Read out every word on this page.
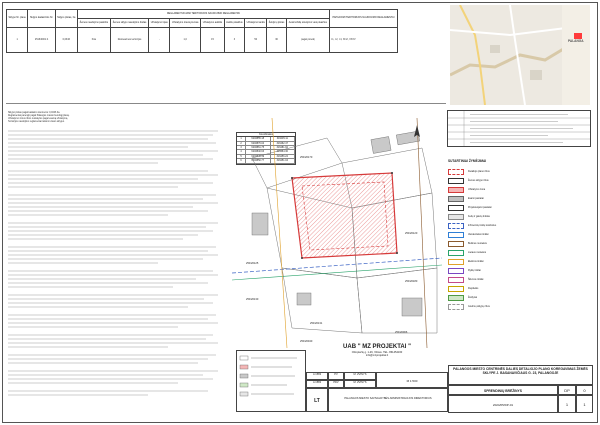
Sklypo Nr. plane	Sklypo kadastrinis Nr.	Sklypo plotas, ha	REGLAMENTUOJAMI TERITORIJOS NAUDOJIMO REGLAMENTAI									PAPILDOMI TERITORIJOS NAUDOJIMO REGLAMENTAI
			Žemės naudojimo paskirtis	Žemės sklypo naudojimo būdas	Užstatymo tipas	Užstatymo intensyvumas	Užstatymo aukštis	Aukštų skaičius	Užstatymo tankis	Želdynų plotas	Automobilių stovėjimo vietų skaičius	
1	2516/0001:4	0,0346	Kita	Rekreacinės teritorijos	-	1,0	15	3	50	30	pagal poreikį	I.1, I.2, I.4, XLVI, XXXV	PALANGA
Sklypo plotas pagal kadastro duomenis: 0,0346 ha.
Reglamentai parengti pagal Palangos miesto bendrąjį planą.
Užstatymo zonos ribos nustatytos pagal esamą užstatymą.
Teritorijos naudojimo reglamentai taikomi visam sklypui.
Koordinatės
1	6203855.18	316245.11
2	6203876.04	316262.47
3	6203861.75	316281.92
4	6203840.63	316264.30
5	6203845.19	316256.22
6	6203850.77	316251.04
2501/0170
2501/0120
2501/0180
2501/0131
2501/0066
2501/0130
2501/0125
2501/0040
SUTARTINIAI ŽYMĖJIMAI
Detaliojo plano ribos
Žemės sklypo ribos
Užstatymo zona
Esami pastatai
Projektuojami pastatai
Kelių ir gatvių tinklas
Inžinerinių tinklų koridorius
Vandentiekio tinklai
Buitinės nuotekos
Lietaus nuotekos
Elektros tinklai
Ryšių tinklai
Šilumos tinklai
Dujotiekis
Želdynai
Gretimų sklypų ribos
UAB " MŽ PROJEKTAI "
Olimpiečių g. 1-26, Vilnius. TEL. 861454160
info@mzprojektai.lt
A 1583	PV	M. ŽVINYS
A 1583	PDV	M. ŽVINYS
LT	PALANGOS MIESTO SAVIVALDYBĖS ADMINISTRACIJOS DIREKTORIUS
PALANGOS MIESTO CENTRINĖS DALIES DETALIOJO PLANO KOREGAVIMAS ŽEMĖS SKLYPE J. BASANAVIČIAUS G. 23, PALANGOJE
SPRENDINIŲ BRĖŽINYS	DP	0
2024/05/DP-01	1	1
M 1:500
